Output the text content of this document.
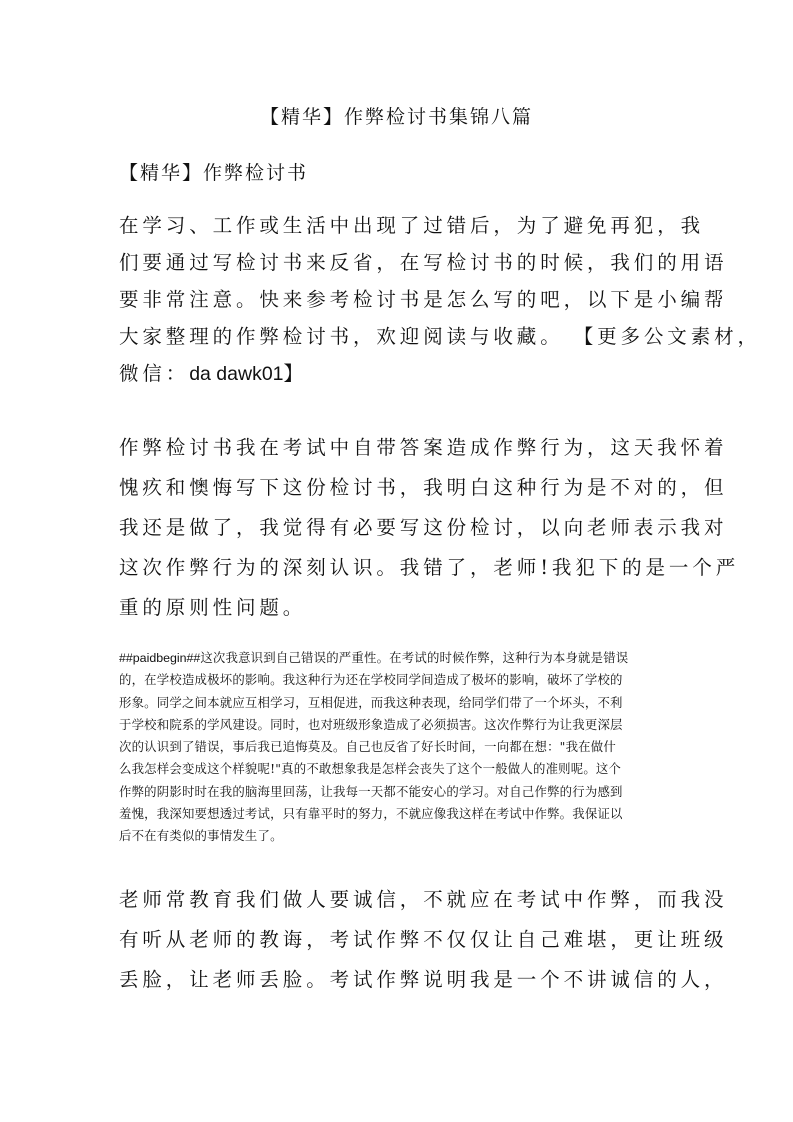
【精华】作弊检讨书集锦八篇
【精华】作弊检讨书
在学习、工作或生活中出现了过错后，为了避免再犯，我
们要通过写检讨书来反省，在写检讨书的时候，我们的用语
要非常注意。快来参考检讨书是怎么写的吧，以下是小编帮
大家整理的作弊检讨书，欢迎阅读与收藏。 【更多公文素材，
微信：da dawk01】
作弊检讨书我在考试中自带答案造成作弊行为，这天我怀着
愧疚和懊悔写下这份检讨书，我明白这种行为是不对的，但
我还是做了，我觉得有必要写这份检讨，以向老师表示我对
这次作弊行为的深刻认识。我错了，老师!我犯下的是一个严
重的原则性问题。
##paidbegin##这次我意识到自己错误的严重性。在考试的时候作弊，这种行为本身就是错误
的，在学校造成极坏的影响。我这种行为还在学校同学间造成了极坏的影响，破坏了学校的
形象。同学之间本就应互相学习，互相促进，而我这种表现，给同学们带了一个坏头，不利
于学校和院系的学风建设。同时，也对班级形象造成了必须损害。这次作弊行为让我更深层
次的认识到了错误，事后我已追悔莫及。自己也反省了好长时间，一向都在想："我在做什
么我怎样会变成这个样貌呢!"真的不敢想象我是怎样会丧失了这个一般做人的准则呢。这个
作弊的阴影时时在我的脑海里回荡，让我每一天都不能安心的学习。对自己作弊的行为感到
羞愧，我深知要想透过考试，只有靠平时的努力，不就应像我这样在考试中作弊。我保证以
后不在有类似的事情发生了。
老师常教育我们做人要诚信，不就应在考试中作弊，而我没
有听从老师的教诲，考试作弊不仅仅让自己难堪，更让班级
丢脸，让老师丢脸。考试作弊说明我是一个不讲诚信的人，
